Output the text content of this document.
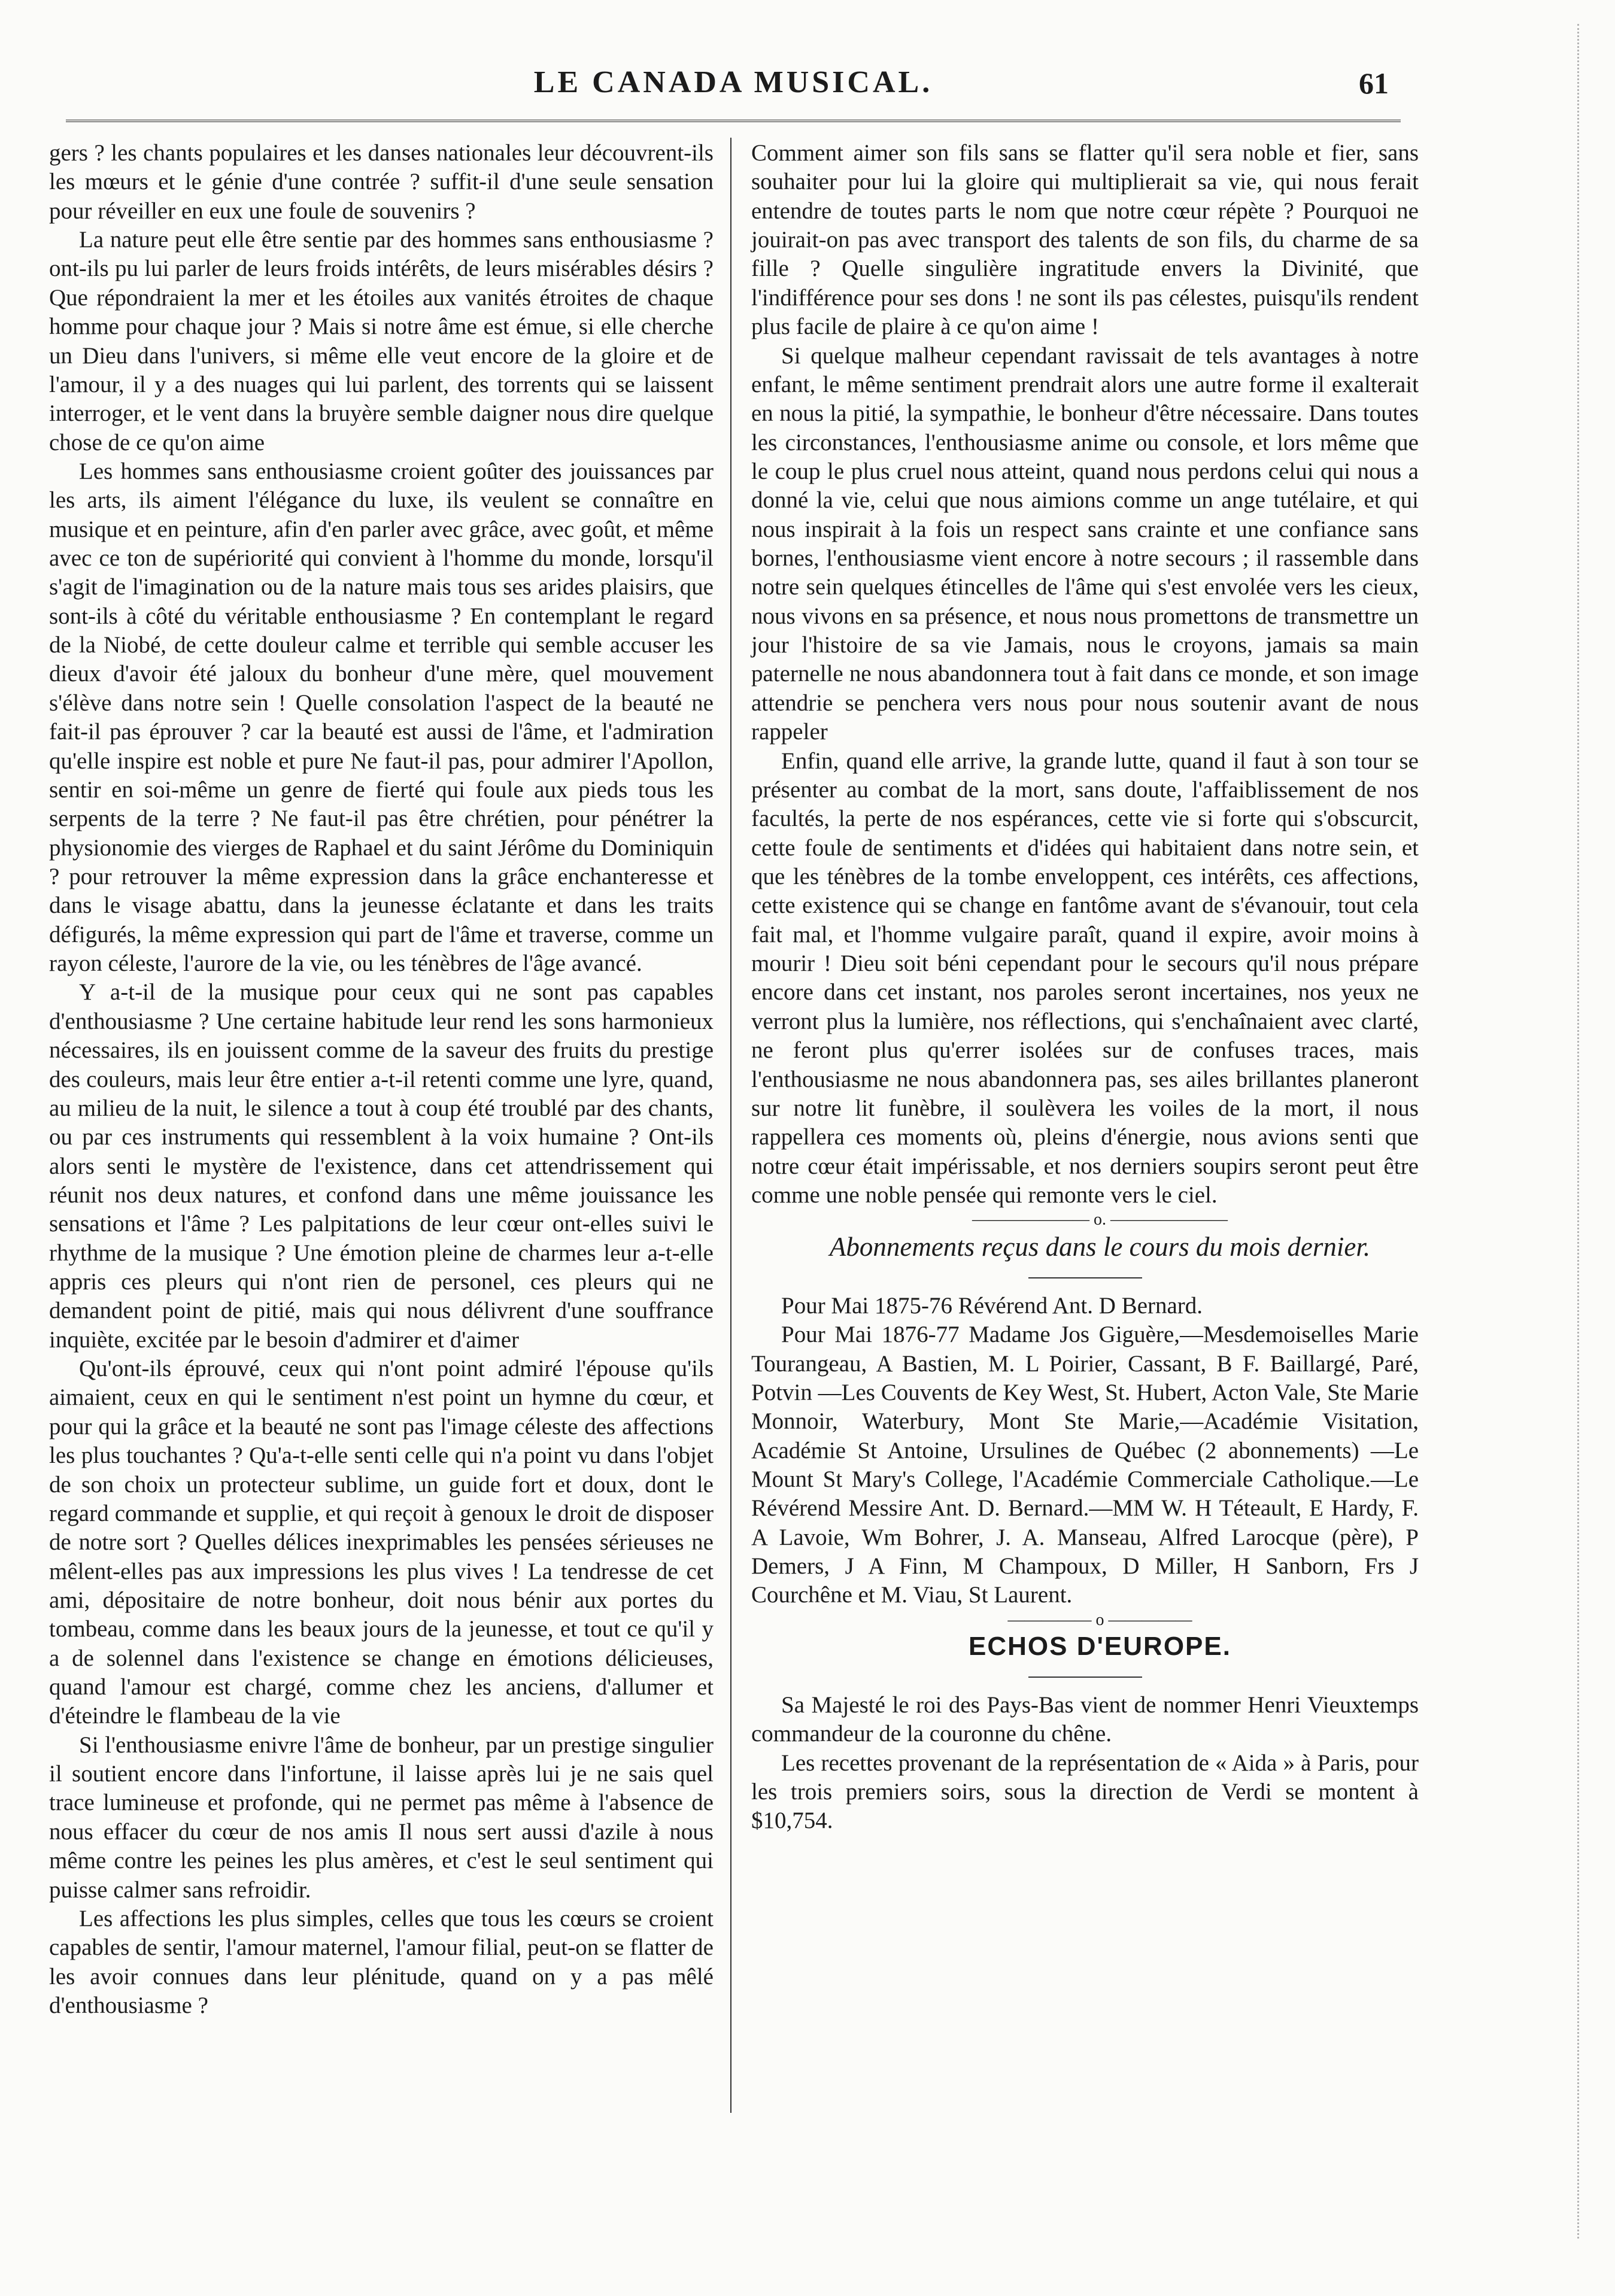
LE CANADA MUSICAL.	61

gers ? les chants populaires et les danses nationales leur découvrent-ils les mœurs et le génie d'une contrée ? suffit-il d'une seule sensation pour réveiller en eux une foule de souvenirs ?

La nature peut elle être sentie par des hommes sans enthousiasme ? ont-ils pu lui parler de leurs froids intérêts, de leurs misérables désirs ? Que répondraient la mer et les étoiles aux vanités étroites de chaque homme pour chaque jour ? Mais si notre âme est émue, si elle cherche un Dieu dans l'univers, si même elle veut encore de la gloire et de l'amour, il y a des nuages qui lui parlent, des torrents qui se laissent interroger, et le vent dans la bruyère semble daigner nous dire quelque chose de ce qu'on aime

Les hommes sans enthousiasme croient goûter des jouissances par les arts, ils aiment l'élégance du luxe, ils veulent se connaître en musique et en peinture, afin d'en parler avec grâce, avec goût, et même avec ce ton de supériorité qui convient à l'homme du monde, lorsqu'il s'agit de l'imagination ou de la nature mais tous ses arides plaisirs, que sont-ils à côté du véritable enthousiasme ? En contemplant le regard de la Niobé, de cette douleur calme et terrible qui semble accuser les dieux d'avoir été jaloux du bonheur d'une mère, quel mouvement s'élève dans notre sein ! Quelle consolation l'aspect de la beauté ne fait-il pas éprouver ? car la beauté est aussi de l'âme, et l'admiration qu'elle inspire est noble et pure Ne faut-il pas, pour admirer l'Apollon, sentir en soi-même un genre de fierté qui foule aux pieds tous les serpents de la terre ? Ne faut-il pas être chrétien, pour pénétrer la physionomie des vierges de Raphael et du saint Jérôme du Dominiquin ? pour retrouver la même expression dans la grâce enchanteresse et dans le visage abattu, dans la jeunesse éclatante et dans les traits défigurés, la même expression qui part de l'âme et traverse, comme un rayon céleste, l'aurore de la vie, ou les ténèbres de l'âge avancé.

Y a-t-il de la musique pour ceux qui ne sont pas capables d'enthousiasme ? Une certaine habitude leur rend les sons harmonieux nécessaires, ils en jouissent comme de la saveur des fruits du prestige des couleurs, mais leur être entier a-t-il retenti comme une lyre, quand, au milieu de la nuit, le silence a tout à coup été troublé par des chants, ou par ces instruments qui ressemblent à la voix humaine ? Ont-ils alors senti le mystère de l'existence, dans cet attendrissement qui réunit nos deux natures, et confond dans une même jouissance les sensations et l'âme ? Les palpitations de leur cœur ont-elles suivi le rhythme de la musique ? Une émotion pleine de charmes leur a-t-elle appris ces pleurs qui n'ont rien de personel, ces pleurs qui ne demandent point de pitié, mais qui nous délivrent d'une souffrance inquiète, excitée par le besoin d'admirer et d'aimer

Qu'ont-ils éprouvé, ceux qui n'ont point admiré l'épouse qu'ils aimaient, ceux en qui le sentiment n'est point un hymne du cœur, et pour qui la grâce et la beauté ne sont pas l'image céleste des affections les plus touchantes ? Qu'a-t-elle senti celle qui n'a point vu dans l'objet de son choix un protecteur sublime, un guide fort et doux, dont le regard commande et supplie, et qui reçoit à genoux le droit de disposer de notre sort ? Quelles délices inexprimables les pensées sérieuses ne mêlent-elles pas aux impressions les plus vives ! La tendresse de cet ami, dépositaire de notre bonheur, doit nous bénir aux portes du tombeau, comme dans les beaux jours de la jeunesse, et tout ce qu'il y a de solennel dans l'existence se change en émotions délicieuses, quand l'amour est chargé, comme chez les anciens, d'allumer et d'éteindre le flambeau de la vie

Si l'enthousiasme enivre l'âme de bonheur, par un prestige singulier il soutient encore dans l'infortune, il laisse après lui je ne sais quel trace lumineuse et profonde, qui ne permet pas même à l'absence de nous effacer du cœur de nos amis Il nous sert aussi d'azile à nous même contre les peines les plus amères, et c'est le seul sentiment qui puisse calmer sans refroidir.

Les affections les plus simples, celles que tous les cœurs se croient capables de sentir, l'amour maternel, l'amour filial, peut-on se flatter de les avoir connues dans leur plénitude, quand on y a pas mêlé d'enthousiasme ?

Comment aimer son fils sans se flatter qu'il sera noble et fier, sans souhaiter pour lui la gloire qui multiplierait sa vie, qui nous ferait entendre de toutes parts le nom que notre cœur répète ? Pourquoi ne jouirait-on pas avec transport des talents de son fils, du charme de sa fille ? Quelle singulière ingratitude envers la Divinité, que l'indifférence pour ses dons ! ne sont ils pas célestes, puisqu'ils rendent plus facile de plaire à ce qu'on aime !

Si quelque malheur cependant ravissait de tels avantages à notre enfant, le même sentiment prendrait alors une autre forme il exalterait en nous la pitié, la sympathie, le bonheur d'être nécessaire. Dans toutes les circonstances, l'enthousiasme anime ou console, et lors même que le coup le plus cruel nous atteint, quand nous perdons celui qui nous a donné la vie, celui que nous aimions comme un ange tutélaire, et qui nous inspirait à la fois un respect sans crainte et une confiance sans bornes, l'enthousiasme vient encore à notre secours ; il rassemble dans notre sein quelques étincelles de l'âme qui s'est envolée vers les cieux, nous vivons en sa présence, et nous nous promettons de transmettre un jour l'histoire de sa vie Jamais, nous le croyons, jamais sa main paternelle ne nous abandonnera tout à fait dans ce monde, et son image attendrie se penchera vers nous pour nous soutenir avant de nous rappeler

Enfin, quand elle arrive, la grande lutte, quand il faut à son tour se présenter au combat de la mort, sans doute, l'affaiblissement de nos facultés, la perte de nos espérances, cette vie si forte qui s'obscurcit, cette foule de sentiments et d'idées qui habitaient dans notre sein, et que les ténèbres de la tombe enveloppent, ces intérêts, ces affections, cette existence qui se change en fantôme avant de s'évanouir, tout cela fait mal, et l'homme vulgaire paraît, quand il expire, avoir moins à mourir ! Dieu soit béni cependant pour le secours qu'il nous prépare encore dans cet instant, nos paroles seront incertaines, nos yeux ne verront plus la lumière, nos réflections, qui s'enchaînaient avec clarté, ne feront plus qu'errer isolées sur de confuses traces, mais l'enthousiasme ne nous abandonnera pas, ses ailes brillantes planeront sur notre lit funèbre, il soulèvera les voiles de la mort, il nous rappellera ces moments où, pleins d'énergie, nous avions senti que notre cœur était impérissable, et nos derniers soupirs seront peut être comme une noble pensée qui remonte vers le ciel.

——————— o. ———————

Abonnements reçus dans le cours du mois dernier.

Pour Mai 1875-76 Révérend Ant. D Bernard.

Pour Mai 1876-77 Madame Jos Giguère,—Mesdemoiselles Marie Tourangeau, A Bastien, M. L Poirier, Cassant, B F. Baillargé, Paré, Potvin —Les Couvents de Key West, St. Hubert, Acton Vale, Ste Marie Monnoir, Waterbury, Mont Ste Marie,—Académie Visitation, Académie St Antoine, Ursulines de Québec (2 abonnements) —Le Mount St Mary's College, l'Académie Commerciale Catholique.—Le Révérend Messire Ant. D. Bernard.—MM W. H Téteault, E Hardy, F. A Lavoie, Wm Bohrer, J. A. Manseau, Alfred Larocque (père), P Demers, J A Finn, M Champoux, D Miller, H Sanborn, Frs J Courchêne et M. Viau, St Laurent.

————— o —————

ECHOS D'EUROPE.

Sa Majesté le roi des Pays-Bas vient de nommer Henri Vieuxtemps commandeur de la couronne du chêne.

Les recettes provenant de la représentation de « Aida » à Paris, pour les trois premiers soirs, sous la direction de Verdi se montent à $10,754.
